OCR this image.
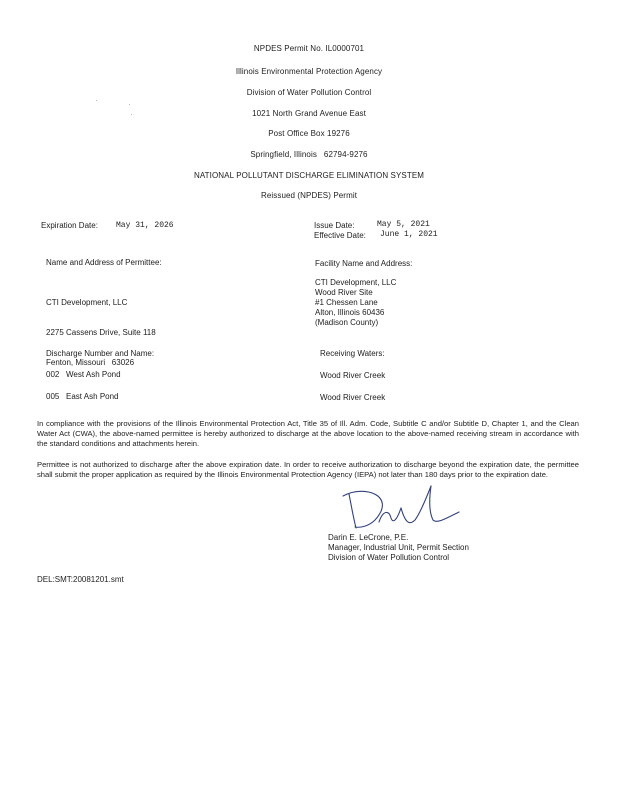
NPDES Permit No. IL0000701
Illinois Environmental Protection Agency
Division of Water Pollution Control
1021 North Grand Avenue East
Post Office Box 19276
Springfield, Illinois   62794-9276
NATIONAL POLLUTANT DISCHARGE ELIMINATION SYSTEM
Reissued (NPDES) Permit
Expiration Date: May 31, 2026	Issue Date:	May 5, 2021
Effective Date: June 1, 2021
Name and Address of Permittee:

CTI Development, LLC

2275 Cassens Drive, Suite 118

Fenton, Missouri   63026

Facility Name and Address:
CTI Development, LLC
Wood River Site
#1 Chessen Lane
Alton, Illinois 60436
(Madison County)
Discharge Number and Name:	Receiving Waters:
002   West Ash Pond	Wood River Creek
005   East Ash Pond	Wood River Creek
In compliance with the provisions of the Illinois Environmental Protection Act, Title 35 of Ill. Adm. Code, Subtitle C and/or Subtitle D, Chapter 1, and the Clean Water Act (CWA), the above-named permittee is hereby authorized to discharge at the above location to the above-named receiving stream in accordance with the standard conditions and attachments herein.
Permittee is not authorized to discharge after the above expiration date. In order to receive authorization to discharge beyond the expiration date, the permittee shall submit the proper application as required by the Illinois Environmental Protection Agency (IEPA) not later than 180 days prior to the expiration date.
Darin E. LeCrone, P.E.
Manager, Industrial Unit, Permit Section
Division of Water Pollution Control
DEL:SMT:20081201.smt
